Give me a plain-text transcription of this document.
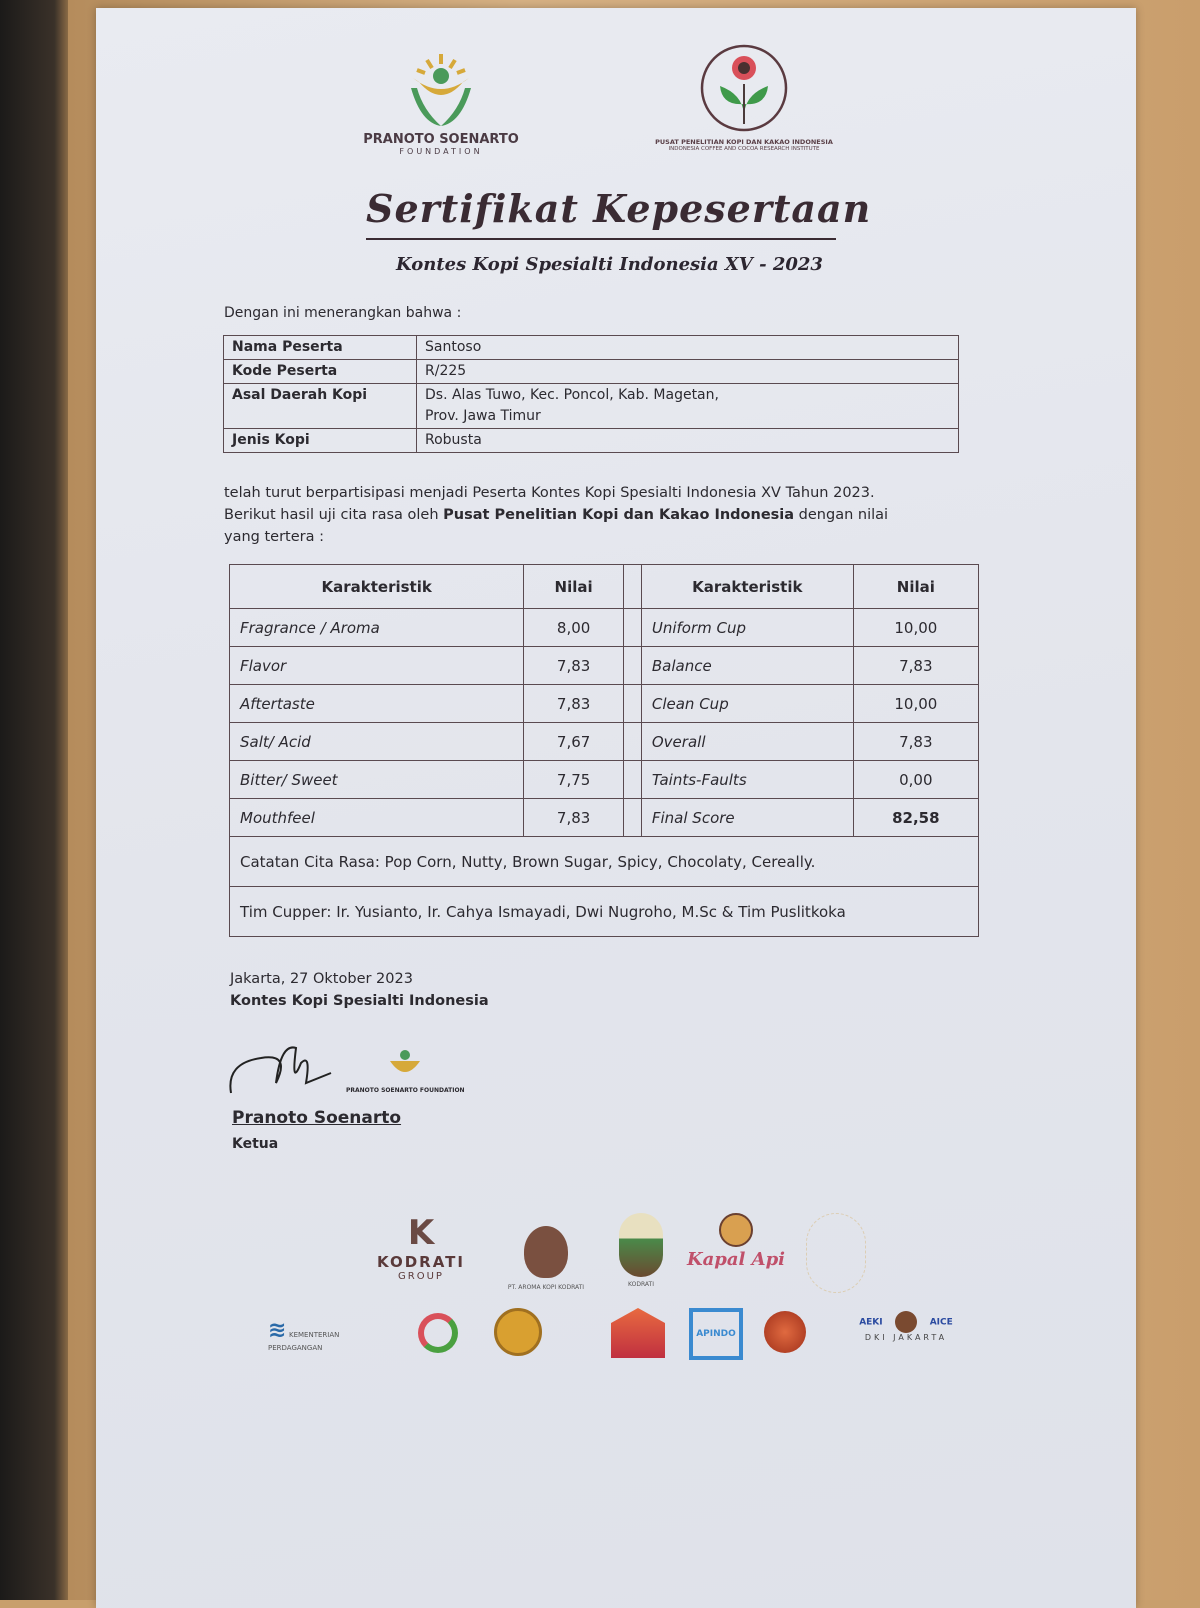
PRANOTO SOENARTO
FOUNDATION
PUSAT PENELITIAN KOPI DAN KAKAO INDONESIA
INDONESIA COFFEE AND COCOA RESEARCH INSTITUTE
Sertifikat Kepesertaan
Kontes Kopi Spesialti Indonesia XV - 2023
Dengan ini menerangkan bahwa :
Nama Peserta	Santoso
Kode Peserta	R/225
Asal Daerah Kopi	Ds. Alas Tuwo, Kec. Poncol, Kab. Magetan,
Prov. Jawa Timur

Jenis Kopi	Robusta
telah turut berpartisipasi menjadi Peserta Kontes Kopi Spesialti Indonesia XV Tahun 2023.
Berikut hasil uji cita rasa oleh Pusat Penelitian Kopi dan Kakao Indonesia dengan nilai
yang tertera :
Karakteristik	Nilai		Karakteristik	Nilai
Fragrance / Aroma	8,00		Uniform Cup	10,00
Flavor	7,83		Balance	7,83
Aftertaste	7,83		Clean Cup	10,00
Salt/ Acid	7,67		Overall	7,83
Bitter/ Sweet	7,75		Taints-Faults	0,00
Mouthfeel	7,83		Final Score	82,58
Catatan Cita Rasa: Pop Corn, Nutty, Brown Sugar, Spicy, Chocolaty, Cereally.				
Tim Cupper: Ir. Yusianto, Ir. Cahya Ismayadi, Dwi Nugroho, M.Sc & Tim Puslitkoka				
Jakarta, 27 Oktober 2023
Kontes Kopi Spesialti Indonesia
PRANOTO SOENARTO FOUNDATION
Pranoto Soenarto
Ketua
K
KODRATI
GROUP
PT. AROMA KOPI KODRATI	KODRATI
Kapal Api
≋ KEMENTERIAN PERDAGANGAN
APINDO
AEKI	AICE
DKI JAKARTA
